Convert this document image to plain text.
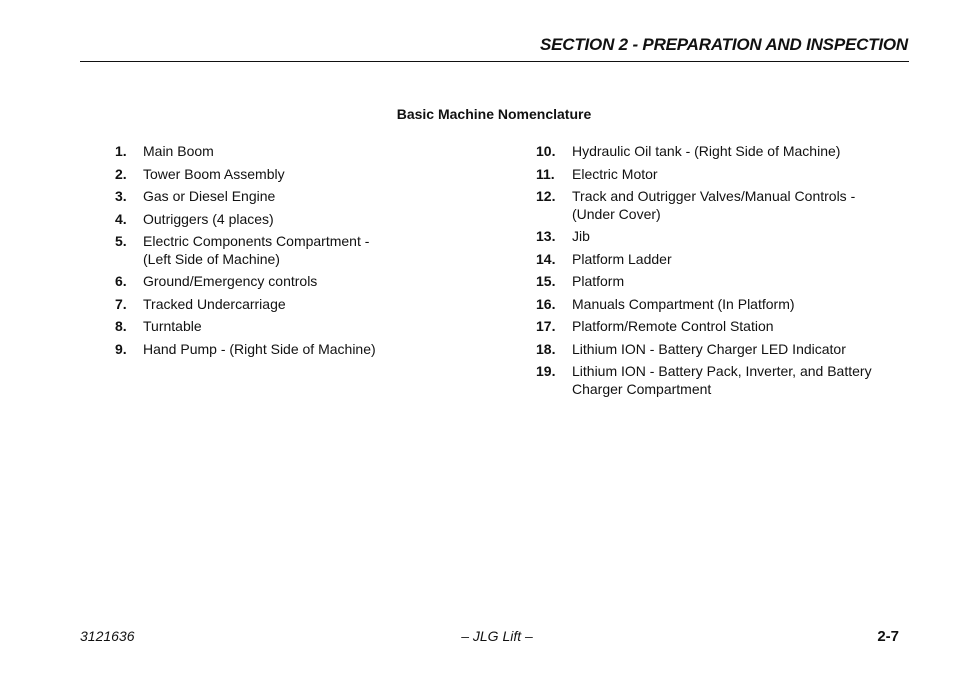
SECTION 2 - PREPARATION AND INSPECTION
Basic Machine Nomenclature
1.	Main Boom
2.	Tower Boom Assembly
3.	Gas or Diesel Engine
4.	Outriggers (4 places)
5.	Electric Components Compartment - (Left Side of Machine)
6.	Ground/Emergency controls
7.	Tracked Undercarriage
8.	Turntable
9.	Hand Pump - (Right Side of Machine)
10.	Hydraulic Oil tank - (Right Side of Machine)
11.	Electric Motor
12.	Track and Outrigger Valves/Manual Controls - (Under Cover)
13.	Jib
14.	Platform Ladder
15.	Platform
16.	Manuals Compartment (In Platform)
17.	Platform/Remote Control Station
18.	Lithium ION - Battery Charger LED Indicator
19.	Lithium ION - Battery Pack, Inverter, and Battery Charger Compartment
3121636	– JLG Lift –	2-7
